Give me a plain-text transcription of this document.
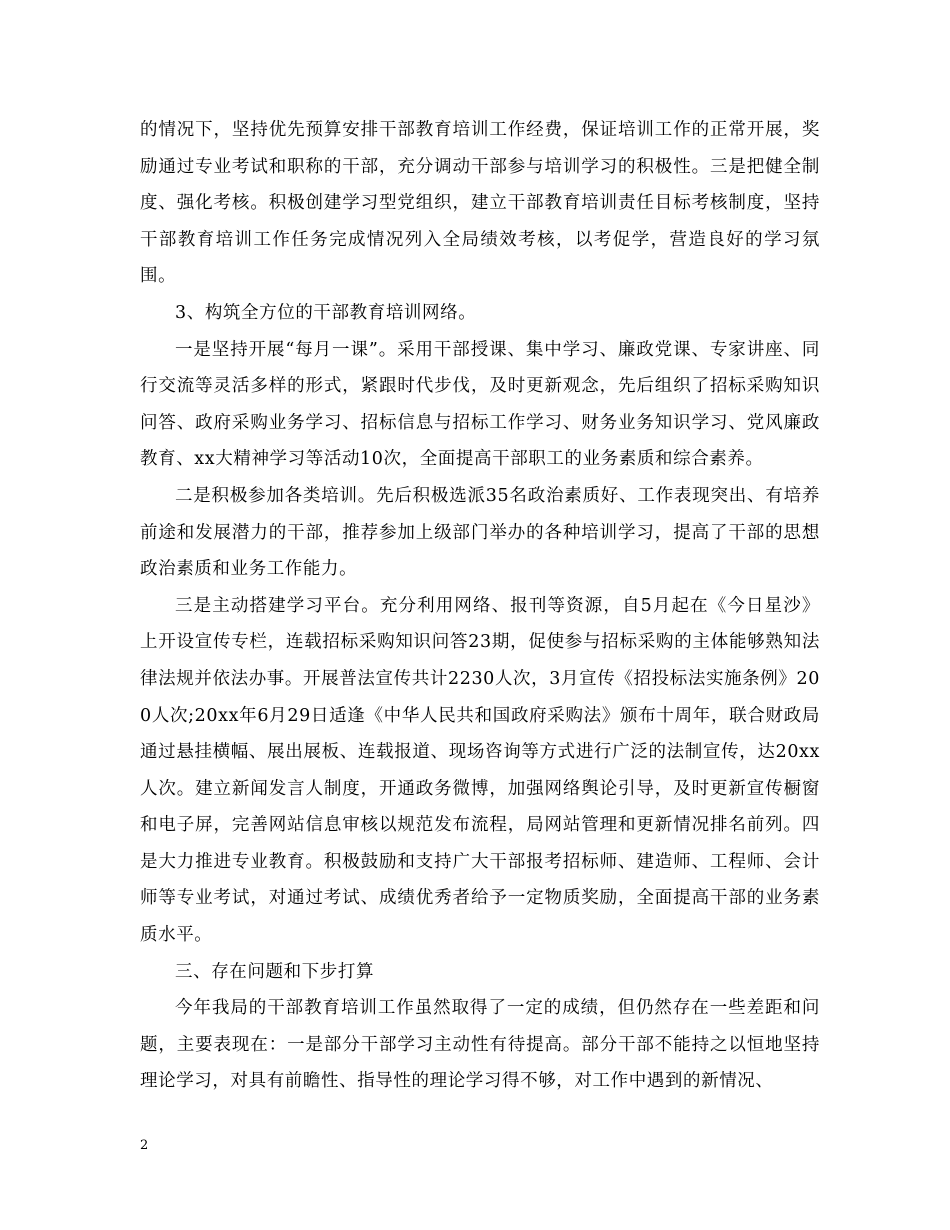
的情况下，坚持优先预算安排干部教育培训工作经费，保证培训工作的正常开展，奖励通过专业考试和职称的干部，充分调动干部参与培训学习的积极性。三是把健全制度、强化考核。积极创建学习型党组织，建立干部教育培训责任目标考核制度，坚持干部教育培训工作任务完成情况列入全局绩效考核，以考促学，营造良好的学习氛围。

3、构筑全方位的干部教育培训网络。

一是坚持开展“每月一课”。采用干部授课、集中学习、廉政党课、专家讲座、同行交流等灵活多样的形式，紧跟时代步伐，及时更新观念，先后组织了招标采购知识问答、政府采购业务学习、招标信息与招标工作学习、财务业务知识学习、党风廉政教育、xx大精神学习等活动10次，全面提高干部职工的业务素质和综合素养。

二是积极参加各类培训。先后积极选派35名政治素质好、工作表现突出、有培养前途和发展潜力的干部，推荐参加上级部门举办的各种培训学习，提高了干部的思想政治素质和业务工作能力。

三是主动搭建学习平台。充分利用网络、报刊等资源，自5月起在《今日星沙》上开设宣传专栏，连载招标采购知识问答23期，促使参与招标采购的主体能够熟知法律法规并依法办事。开展普法宣传共计2230人次，3月宣传《招投标法实施条例》200人次;20xx年6月29日适逢《中华人民共和国政府采购法》颁布十周年，联合财政局通过悬挂横幅、展出展板、连载报道、现场咨询等方式进行广泛的法制宣传，达20xx人次。建立新闻发言人制度，开通政务微博，加强网络舆论引导，及时更新宣传橱窗和电子屏，完善网站信息审核以规范发布流程，局网站管理和更新情况排名前列。四是大力推进专业教育。积极鼓励和支持广大干部报考招标师、建造师、工程师、会计师等专业考试，对通过考试、成绩优秀者给予一定物质奖励，全面提高干部的业务素质水平。

三、存在问题和下步打算

今年我局的干部教育培训工作虽然取得了一定的成绩，但仍然存在一些差距和问题，主要表现在：一是部分干部学习主动性有待提高。部分干部不能持之以恒地坚持理论学习，对具有前瞻性、指导性的理论学习得不够，对工作中遇到的新情况、

2
